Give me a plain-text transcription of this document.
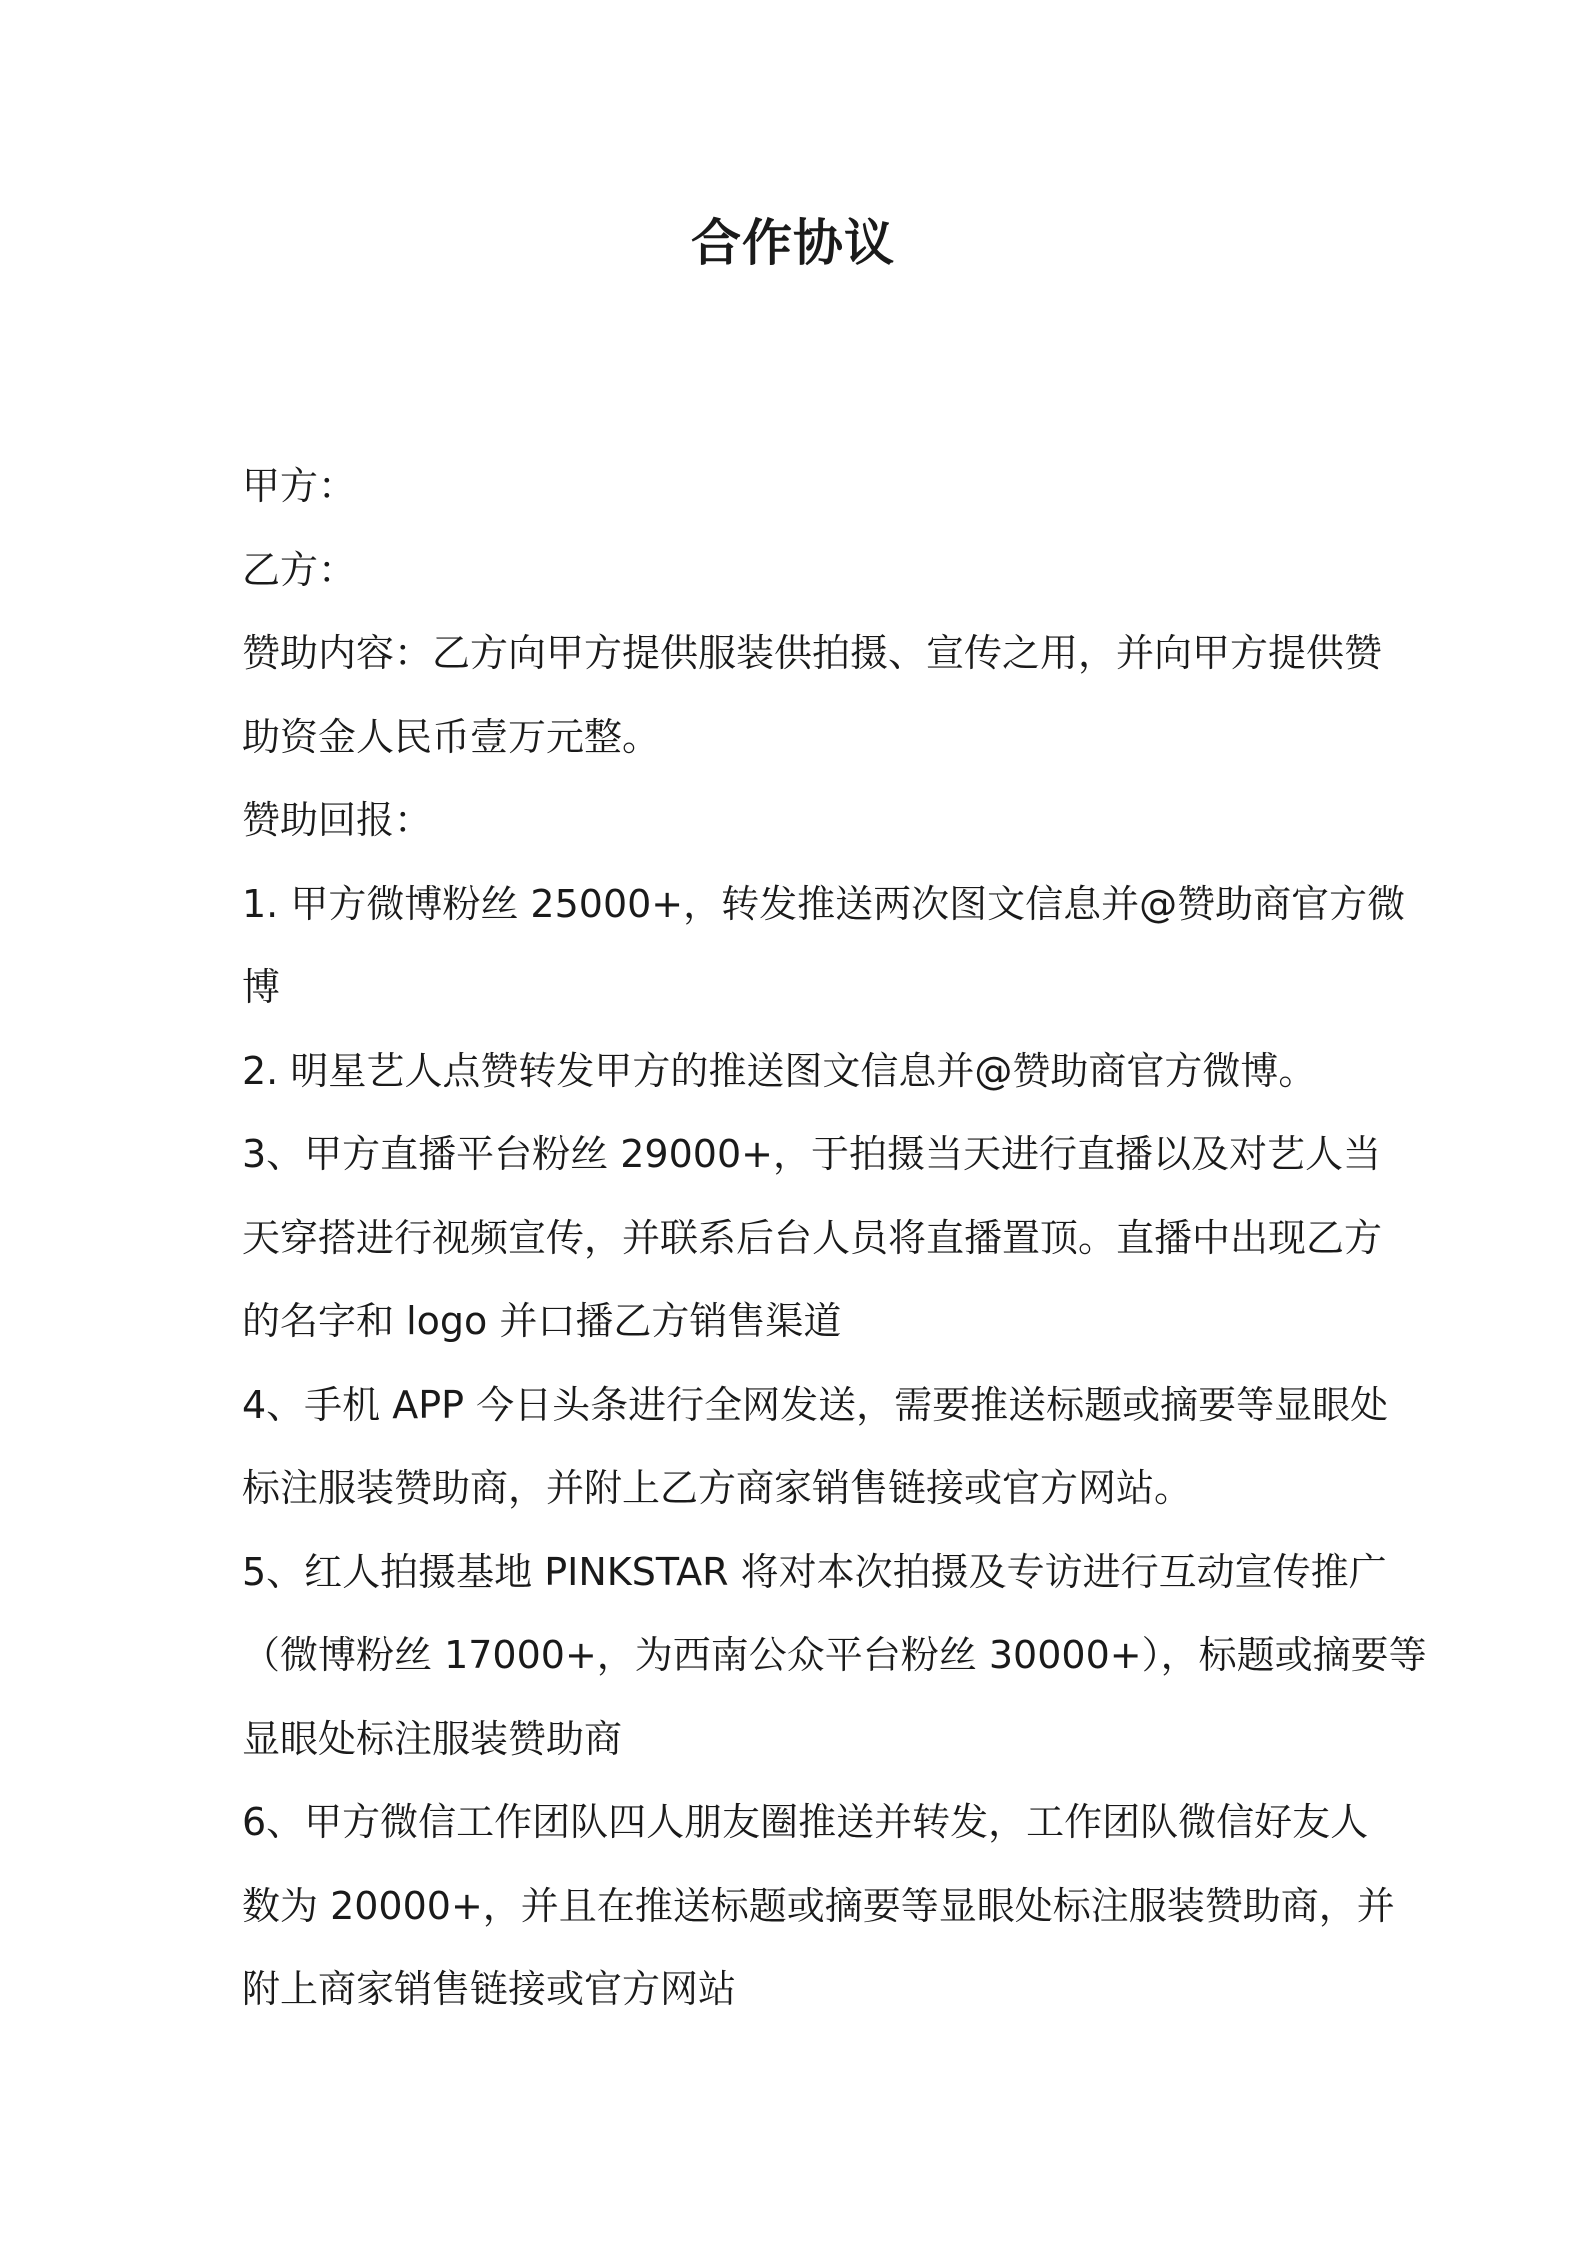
合作协议
甲方：
乙方：
赞助内容：乙方向甲方提供服装供拍摄、宣传之用，并向甲方提供赞
助资金人民币壹万元整。
赞助回报：
1. 甲方微博粉丝 25000+，转发推送两次图文信息并@赞助商官方微
博
2. 明星艺人点赞转发甲方的推送图文信息并@赞助商官方微博。
3、甲方直播平台粉丝 29000+，于拍摄当天进行直播以及对艺人当
天穿搭进行视频宣传，并联系后台人员将直播置顶。直播中出现乙方
的名字和 logo 并口播乙方销售渠道
4、手机 APP 今日头条进行全网发送，需要推送标题或摘要等显眼处
标注服装赞助商，并附上乙方商家销售链接或官方网站。
5、红人拍摄基地 PINKSTAR 将对本次拍摄及专访进行互动宣传推广
（微博粉丝 17000+，为西南公众平台粉丝 30000+），标题或摘要等
显眼处标注服装赞助商
6、甲方微信工作团队四人朋友圈推送并转发，工作团队微信好友人
数为 20000+，并且在推送标题或摘要等显眼处标注服装赞助商，并
附上商家销售链接或官方网站
